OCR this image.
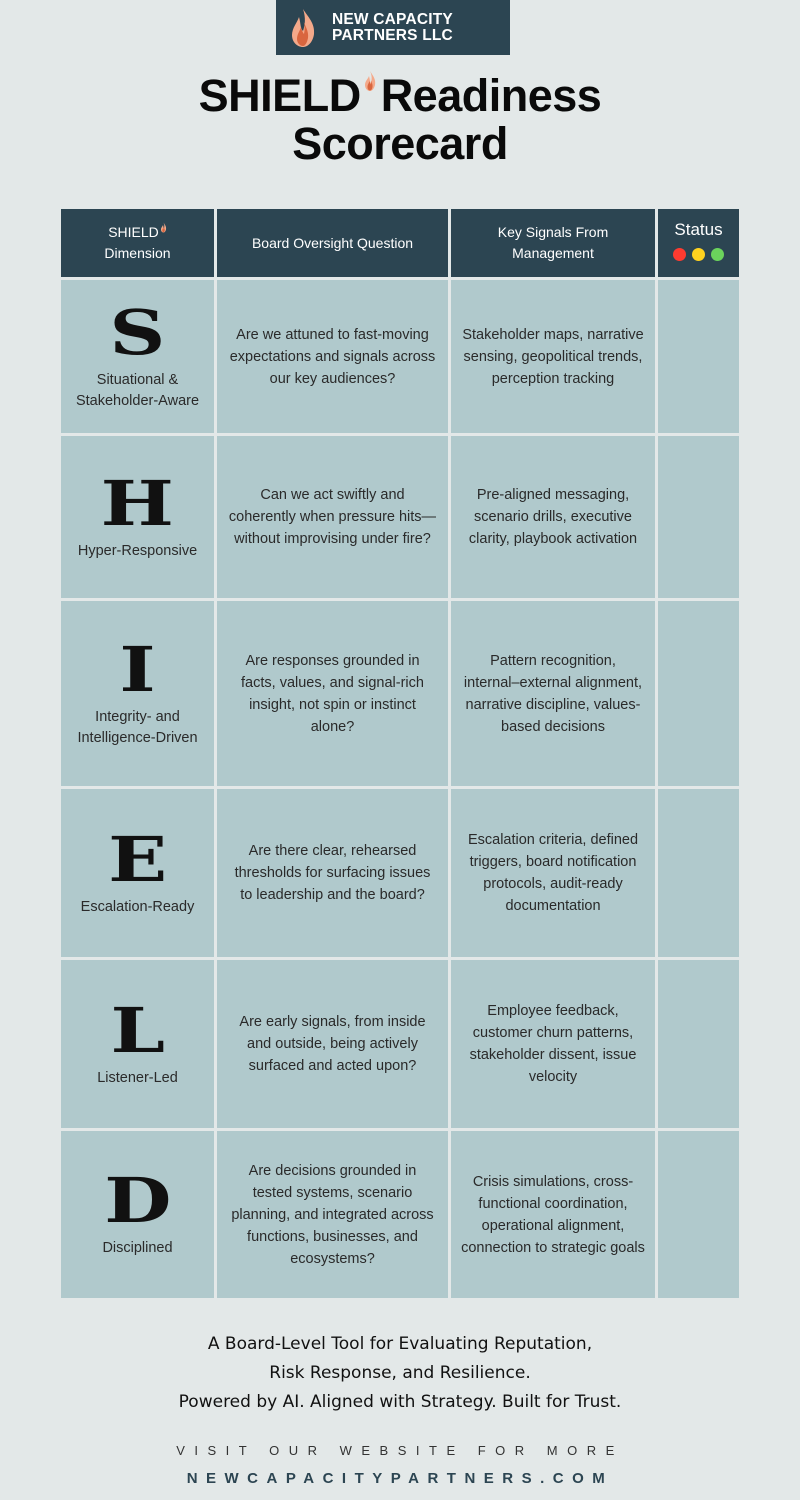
NEW CAPACITY
PARTNERS LLC
SHIELD Readiness
Scorecard
SHIELD
Dimension
Board Oversight Question
Key Signals From
Management
Status
S
Situational &
Stakeholder-Aware
Are we attuned to fast-moving expectations and signals across our key audiences?
Stakeholder maps, narrative sensing, geopolitical trends, perception tracking
H
Hyper-Responsive
Can we act swiftly and coherently when pressure hits—without improvising under fire?
Pre-aligned messaging, scenario drills, executive clarity, playbook activation
I
Integrity- and
Intelligence-Driven
Are responses grounded in facts, values, and signal-rich insight, not spin or instinct alone?
Pattern recognition, internal–external alignment, narrative discipline, values-based decisions
E
Escalation-Ready
Are there clear, rehearsed thresholds for surfacing issues to leadership and the board?
Escalation criteria, defined triggers, board notification protocols, audit-ready documentation
L
Listener-Led
Are early signals, from inside and outside, being actively surfaced and acted upon?
Employee feedback, customer churn patterns, stakeholder dissent, issue velocity
D
Disciplined
Are decisions grounded in tested systems, scenario planning, and integrated across functions, businesses, and ecosystems?
Crisis simulations, cross-functional coordination, operational alignment, connection to strategic goals
A Board-Level Tool for Evaluating Reputation,
Risk Response, and Resilience.
Powered by AI. Aligned with Strategy. Built for Trust.
VISIT OUR WEBSITE FOR MORE
NEWCAPACITYPARTNERS.COM
